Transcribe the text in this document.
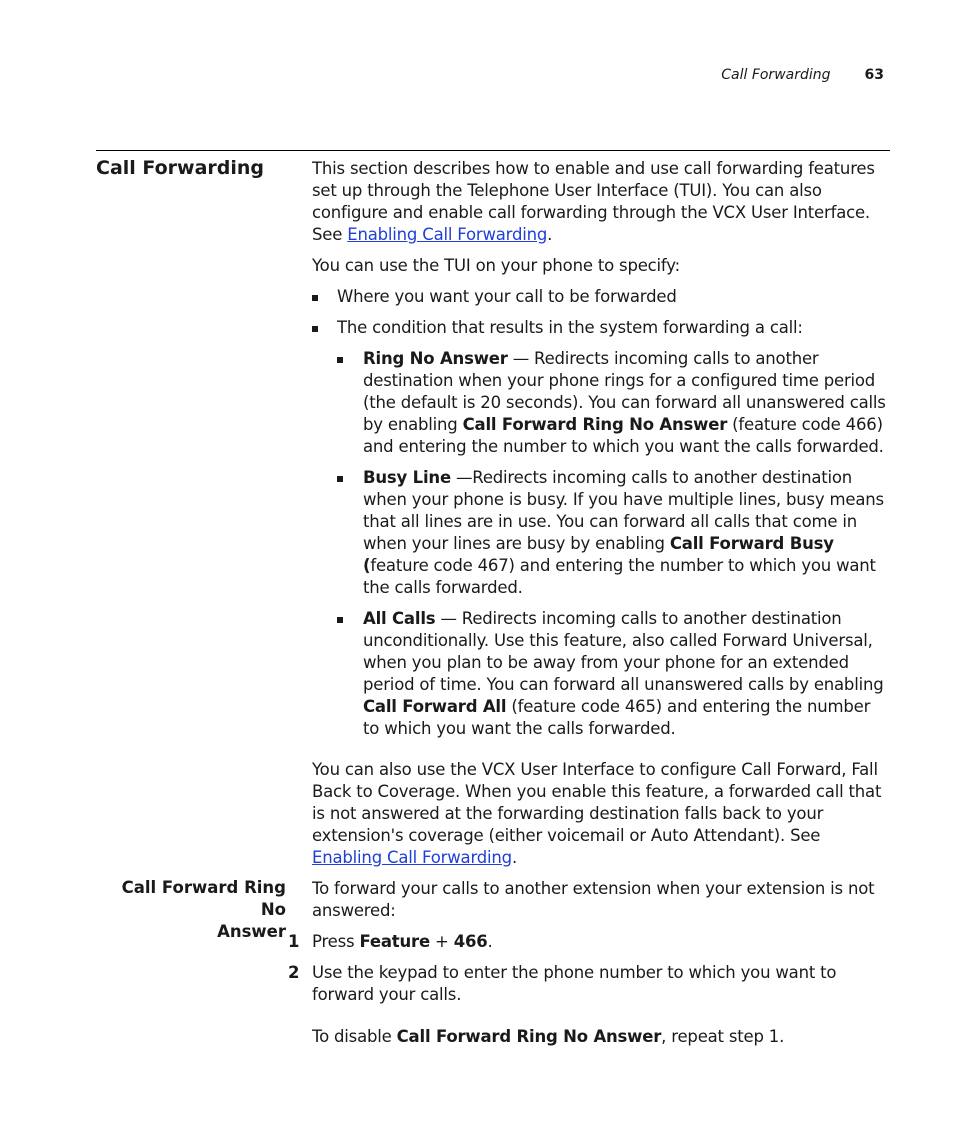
Call Forwarding 63
Call Forwarding	This section describes how to enable and use call forwarding features set up through the Telephone User Interface (TUI). You can also configure and enable call forwarding through the VCX User Interface. See Enabling Call Forwarding.

You can use the TUI on your phone to specify:

Where you want your call to be forwarded
The condition that results in the system forwarding a call:
Ring No Answer — Redirects incoming calls to another destination when your phone rings for a configured time period (the default is 20 seconds). You can forward all unanswered calls by enabling Call Forward Ring No Answer (feature code 466) and entering the number to which you want the calls forwarded.
Busy Line —Redirects incoming calls to another destination when your phone is busy. If you have multiple lines, busy means that all lines are in use. You can forward all calls that come in when your lines are busy by enabling Call Forward Busy (feature code 467) and entering the number to which you want the calls forwarded.
All Calls — Redirects incoming calls to another destination unconditionally. Use this feature, also called Forward Universal, when you plan to be away from your phone for an extended period of time. You can forward all unanswered calls by enabling Call Forward All (feature code 465) and entering the number to which you want the calls forwarded.

You can also use the VCX User Interface to configure Call Forward, Fall Back to Coverage. When you enable this feature, a forwarded call that is not answered at the forwarding destination falls back to your extension's coverage (either voicemail or Auto Attendant). See Enabling Call Forwarding.

Call Forward Ring No
Answer

To forward your calls to another extension when your extension is not answered:

1 Press Feature + 466.
2 Use the keypad to enter the phone number to which you want to forward your calls.

To disable Call Forward Ring No Answer, repeat step 1.
